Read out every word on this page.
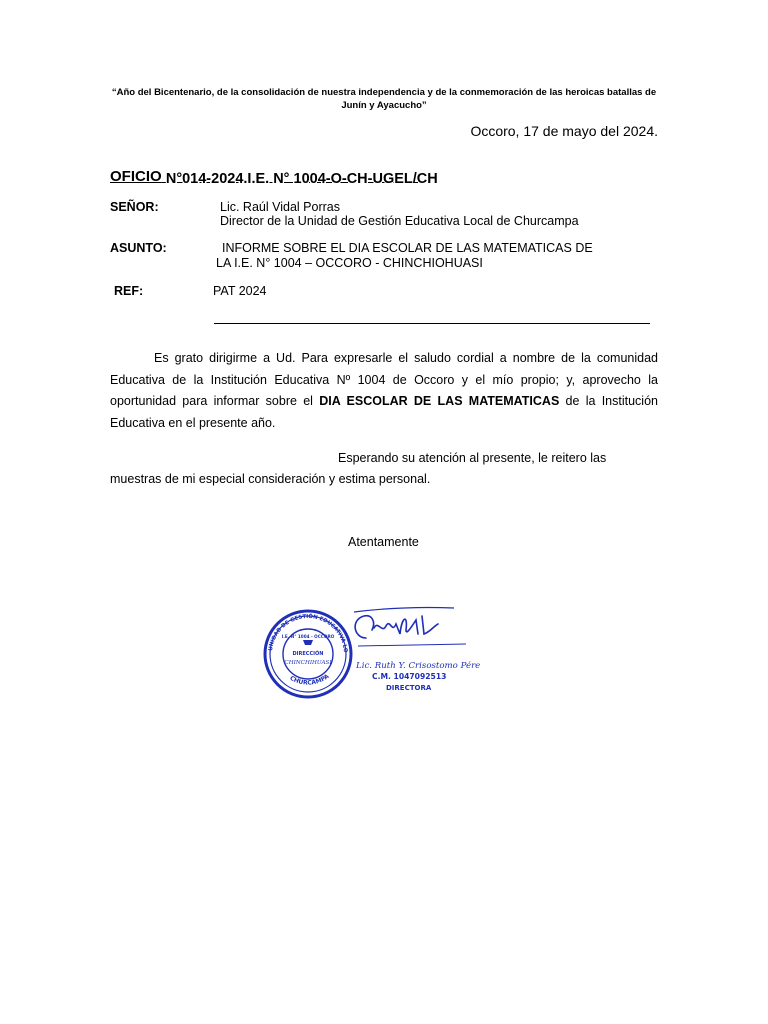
“Año del Bicentenario, de la consolidación de nuestra independencia y de la conmemoración de las heroicas batallas de
Junín y Ayacucho”
Occoro, 17 de mayo del 2024.
OFICIO N°014-2024.I.E. N° 1004-O-CH-UGEL/CH
SEÑOR:	Lic. Raúl Vidal Porras
Director de la Unidad de Gestión Educativa Local de Churcampa
ASUNTO:	INFORME SOBRE EL DIA ESCOLAR DE LAS MATEMATICAS DE
LA I.E. N° 1004 – OCCORO - CHINCHIOHUASI
REF:	PAT 2024
Es grato dirigirme a Ud. Para expresarle el saludo cordial a nombre de la comunidad Educativa de la Institución Educativa Nº 1004 de Occoro y el mío propio; y, aprovecho la oportunidad para informar sobre el DIA ESCOLAR DE LAS MATEMATICAS de la Institución Educativa en el presente año.
Esperando su atención al presente, le reitero las
muestras de mi especial consideración y estima personal.
Atentamente
UNIDAD DE GESTIÓN EDUCATIVA LO
CHURCAMPA
I.E. N° 1004 - OCCORO
DIRECCIÓN
CHINCHIHUASI	Lic. Ruth Y. Crisostomo Pérez
C.M. 1047092513
DIRECTORA
